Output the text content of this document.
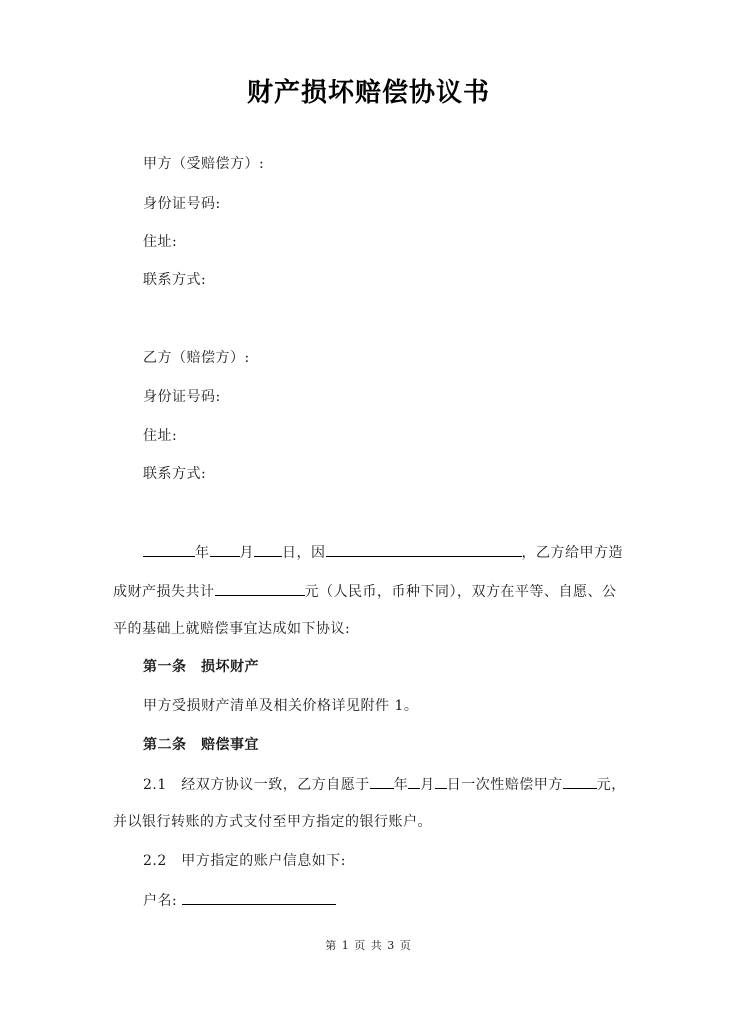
财产损坏赔偿协议书
甲方（受赔偿方）:
身份证号码:
住址:
联系方式:
乙方（赔偿方）:
身份证号码:
住址:
联系方式:
年 月 日，因	，乙方给甲方造
成财产损失共计	元（人民币，币种下同），双方在平等、自愿、公
平的基础上就赔偿事宜达成如下协议:
第一条　损坏财产
甲方受损财产清单及相关价格详见附件 1。
第二条　赔偿事宜
2.1　经双方协议一致，乙方自愿于 年 月 日一次性赔偿甲方 元，
并以银行转账的方式支付至甲方指定的银行账户。
2.2　甲方指定的账户信息如下:
户名:
第 1 页 共 3 页
